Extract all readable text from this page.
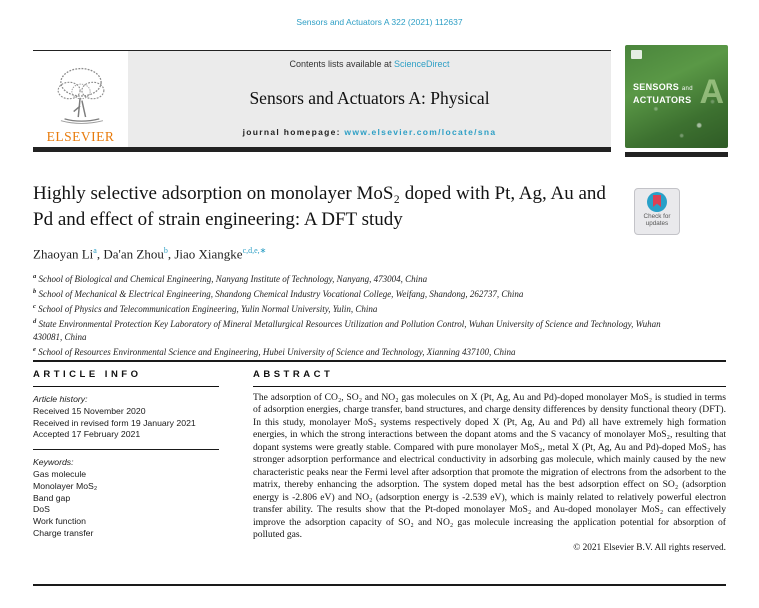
Sensors and Actuators A 322 (2021) 112637
ELSEVIER
Contents lists available at ScienceDirect
Sensors and Actuators A: Physical
journal homepage: www.elsevier.com/locate/sna
SENSORS and
ACTUATORS A
Highly selective adsorption on monolayer MoS₂ doped with Pt, Ag, Au and Pd and effect of strain engineering: A DFT study	Check for updates
Zhaoyan Li$^a$, Da'an Zhou$^b$, Jiao Xiangke$^{c,d,e,∗}$
$^a$ School of Biological and Chemical Engineering, Nanyang Institute of Technology, Nanyang, 473004, China
$^b$ School of Mechanical & Electrical Engineering, Shandong Chemical Industry Vocational College, Weifang, Shandong, 262737, China
$^c$ School of Physics and Telecommunication Engineering, Yulin Normal University, Yulin, China
$^d$ State Environmental Protection Key Laboratory of Mineral Metallurgical Resources Utilization and Pollution Control, Wuhan University of Science and Technology, Wuhan 430081, China
$^e$ School of Resources Environmental Science and Engineering, Hubei University of Science and Technology, Xianning 437100, China
ARTICLE INFO	ABSTRACT
Article history:
Received 15 November 2020
Received in revised form 19 January 2021
Accepted 17 February 2021
Keywords:
Gas molecule
Monolayer MoS₂
Band gap
DoS
Work function
Charge transfer

The adsorption of CO₂, SO₂ and NO₂ gas molecules on X (Pt, Ag, Au and Pd)-doped monolayer MoS₂ is studied in terms of adsorption energies, charge transfer, band structures, and charge density differences by density functional theory (DFT). In this study, monolayer MoS₂ systems respectively doped X (Pt, Ag, Au and Pd) all have extremely high formation energies, in which the strong interactions between the dopant atoms and the S vacancy of monolayer MoS₂, resulting that dopant systems were greatly stable. Compared with pure monolayer MoS₂, metal X (Pt, Ag, Au and Pd)-doped MoS₂ has stronger adsorption performance and electrical conductivity in adsorbing gas molecule, which mainly caused by the new characteristic peaks near the Fermi level after adsorption that promote the migration of electrons from the adsorbent to the matrix, thereby enhancing the adsorption. The system doped metal has the best adsorption effect on SO₂ (adsorption energy is -2.806 eV) and NO₂ (adsorption energy is -2.539 eV), which is mainly related to relatively powerful electron transfer ability. The results show that the Pt-doped monolayer MoS₂ and Au-doped monolayer MoS₂ can effectively improve the adsorption capacity of SO₂ and NO₂ gas molecule increasing the application potential for absorption of polluted gas.

© 2021 Elsevier B.V. All rights reserved.
